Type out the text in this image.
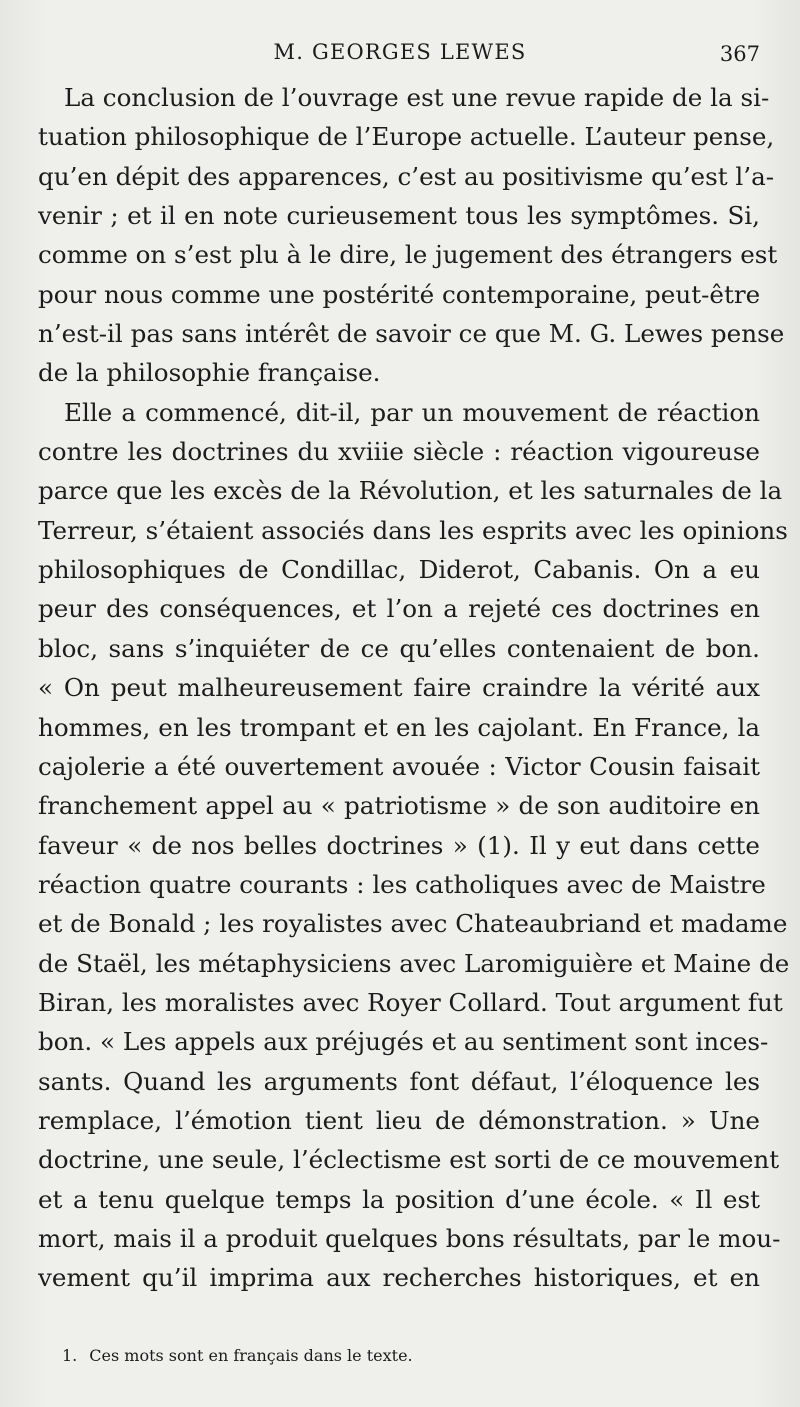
M. GEORGES LEWES	367
La conclusion de l’ouvrage est une revue rapide de la si-
tuation philosophique de l’Europe actuelle. L’auteur pense,
qu’en dépit des apparences, c’est au positivisme qu’est l’a-
venir ; et il en note curieusement tous les symptômes. Si,
comme on s’est plu à le dire, le jugement des étrangers est
pour nous comme une postérité contemporaine, peut-être
n’est-il pas sans intérêt de savoir ce que M. G. Lewes pense
de la philosophie française.
Elle a commencé, dit-il, par un mouvement de réaction
contre les doctrines du xviiie siècle : réaction vigoureuse
parce que les excès de la Révolution, et les saturnales de la
Terreur, s’étaient associés dans les esprits avec les opinions
philosophiques de Condillac, Diderot, Cabanis. On a eu
peur des conséquences, et l’on a rejeté ces doctrines en
bloc, sans s’inquiéter de ce qu’elles contenaient de bon.
« On peut malheureusement faire craindre la vérité aux
hommes, en les trompant et en les cajolant. En France, la
cajolerie a été ouvertement avouée : Victor Cousin faisait
franchement appel au « patriotisme » de son auditoire en
faveur « de nos belles doctrines » (1). Il y eut dans cette
réaction quatre courants : les catholiques avec de Maistre
et de Bonald ; les royalistes avec Chateaubriand et madame
de Staël, les métaphysiciens avec Laromiguière et Maine de
Biran, les moralistes avec Royer Collard. Tout argument fut
bon. « Les appels aux préjugés et au sentiment sont inces-
sants. Quand les arguments font défaut, l’éloquence les
remplace, l’émotion tient lieu de démonstration. » Une
doctrine, une seule, l’éclectisme est sorti de ce mouvement
et a tenu quelque temps la position d’une école. « Il est
mort, mais il a produit quelques bons résultats, par le mou-
vement qu’il imprima aux recherches historiques, et en
1. Ces mots sont en français dans le texte.
